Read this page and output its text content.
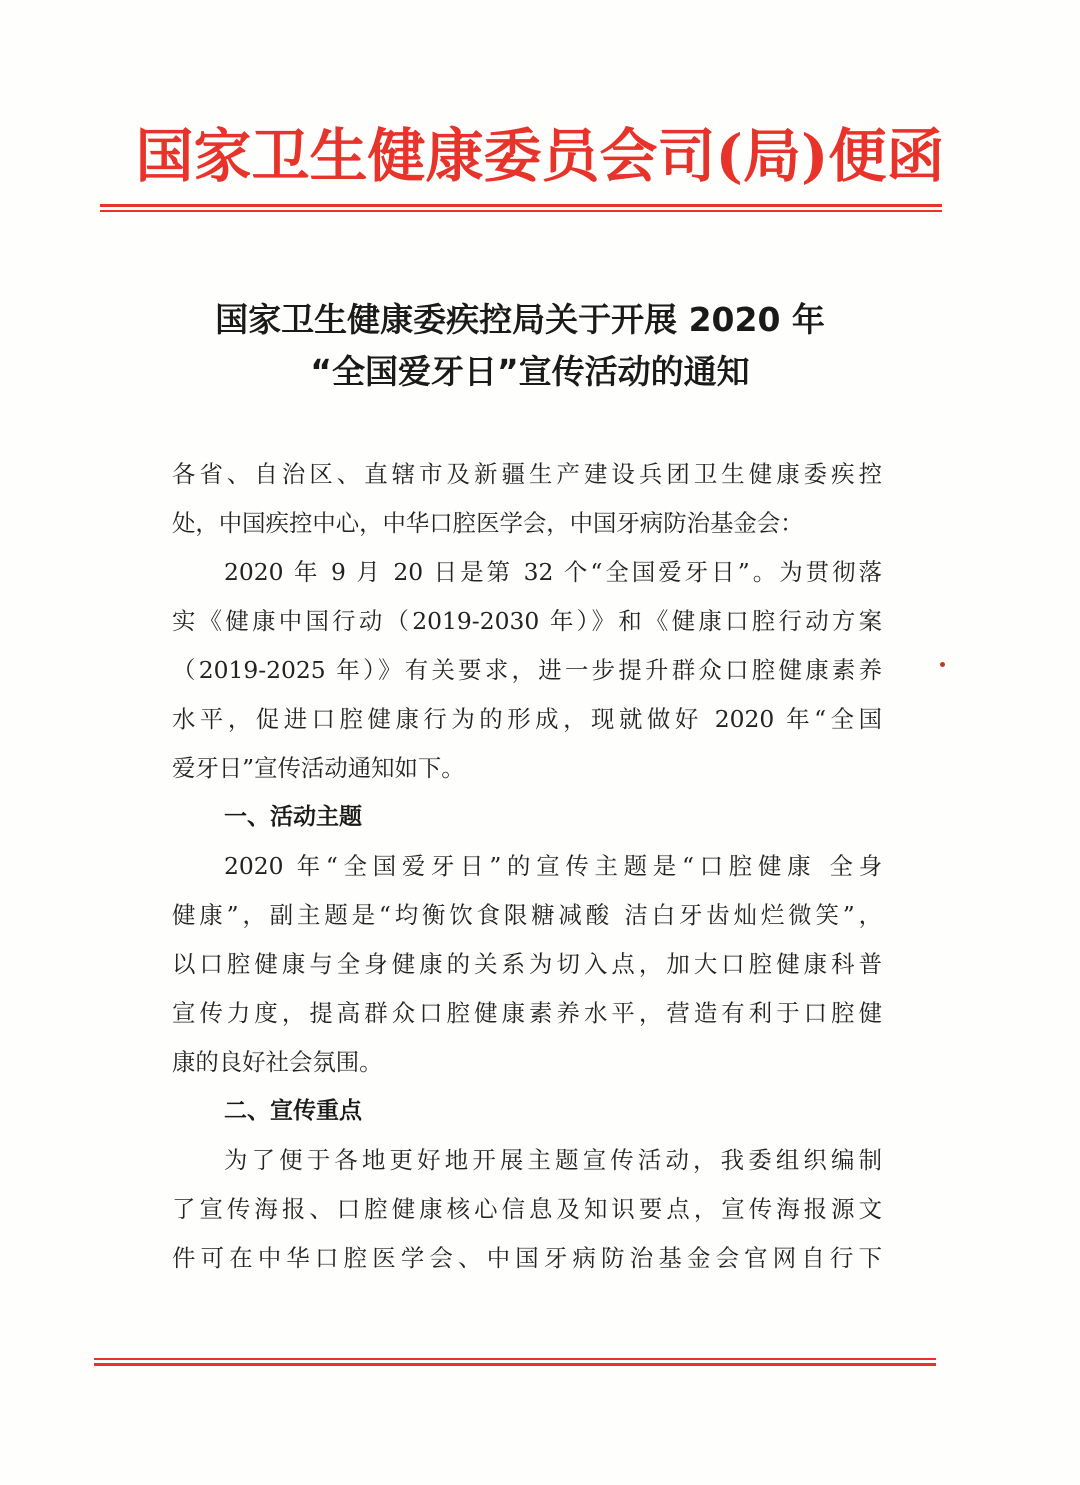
国家卫生健康委员会司(局)便函
国家卫生健康委疾控局关于开展 2020 年
“全国爱牙日”宣传活动的通知
各省、自治区、直辖市及新疆生产建设兵团卫生健康委疾控
处，中国疾控中心，中华口腔医学会，中国牙病防治基金会：
2020 年 9 月 20 日是第 32 个“全国爱牙日”。为贯彻落
实《健康中国行动（2019-2030 年）》和《健康口腔行动方案
（2019-2025 年）》有关要求，进一步提升群众口腔健康素养
水平，促进口腔健康行为的形成，现就做好 2020 年“全国
爱牙日”宣传活动通知如下。
一、活动主题
2020 年“全国爱牙日”的宣传主题是“口腔健康 全身
健康”，副主题是“均衡饮食限糖减酸 洁白牙齿灿烂微笑”，
以口腔健康与全身健康的关系为切入点，加大口腔健康科普
宣传力度，提高群众口腔健康素养水平，营造有利于口腔健
康的良好社会氛围。
二、宣传重点
为了便于各地更好地开展主题宣传活动，我委组织编制
了宣传海报、口腔健康核心信息及知识要点，宣传海报源文
件可在中华口腔医学会、中国牙病防治基金会官网自行下
